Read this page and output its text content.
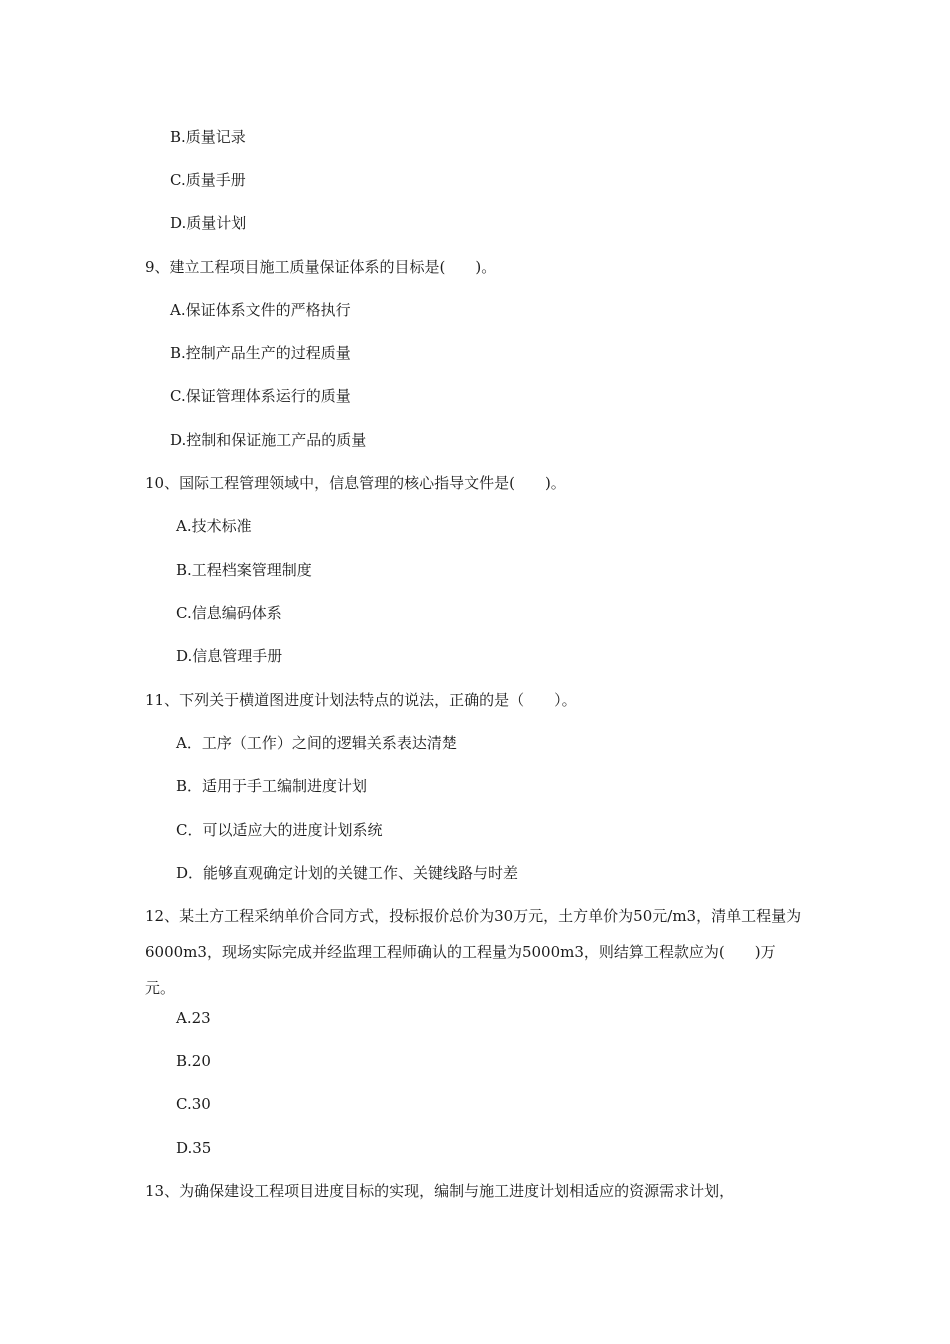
B.质量记录
C.质量手册
D.质量计划
9、建立工程项目施工质量保证体系的目标是(　　)。
A.保证体系文件的严格执行
B.控制产品生产的过程质量
C.保证管理体系运行的质量
D.控制和保证施工产品的质量
10、国际工程管理领域中，信息管理的核心指导文件是(　　)。
A.技术标准
B.工程档案管理制度
C.信息编码体系
D.信息管理手册
11、下列关于横道图进度计划法特点的说法，正确的是（　　）。
A．工序（工作）之间的逻辑关系表达清楚
B．适用于手工编制进度计划
C．可以适应大的进度计划系统
D．能够直观确定计划的关键工作、关键线路与时差
12、某土方工程采纳单价合同方式，投标报价总价为30万元，土方单价为50元/m3，清单工程量为6000m3，现场实际完成并经监理工程师确认的工程量为5000m3，则结算工程款应为(　　)万元。
A.23
B.20
C.30
D.35
13、为确保建设工程项目进度目标的实现，编制与施工进度计划相适应的资源需求计划，
